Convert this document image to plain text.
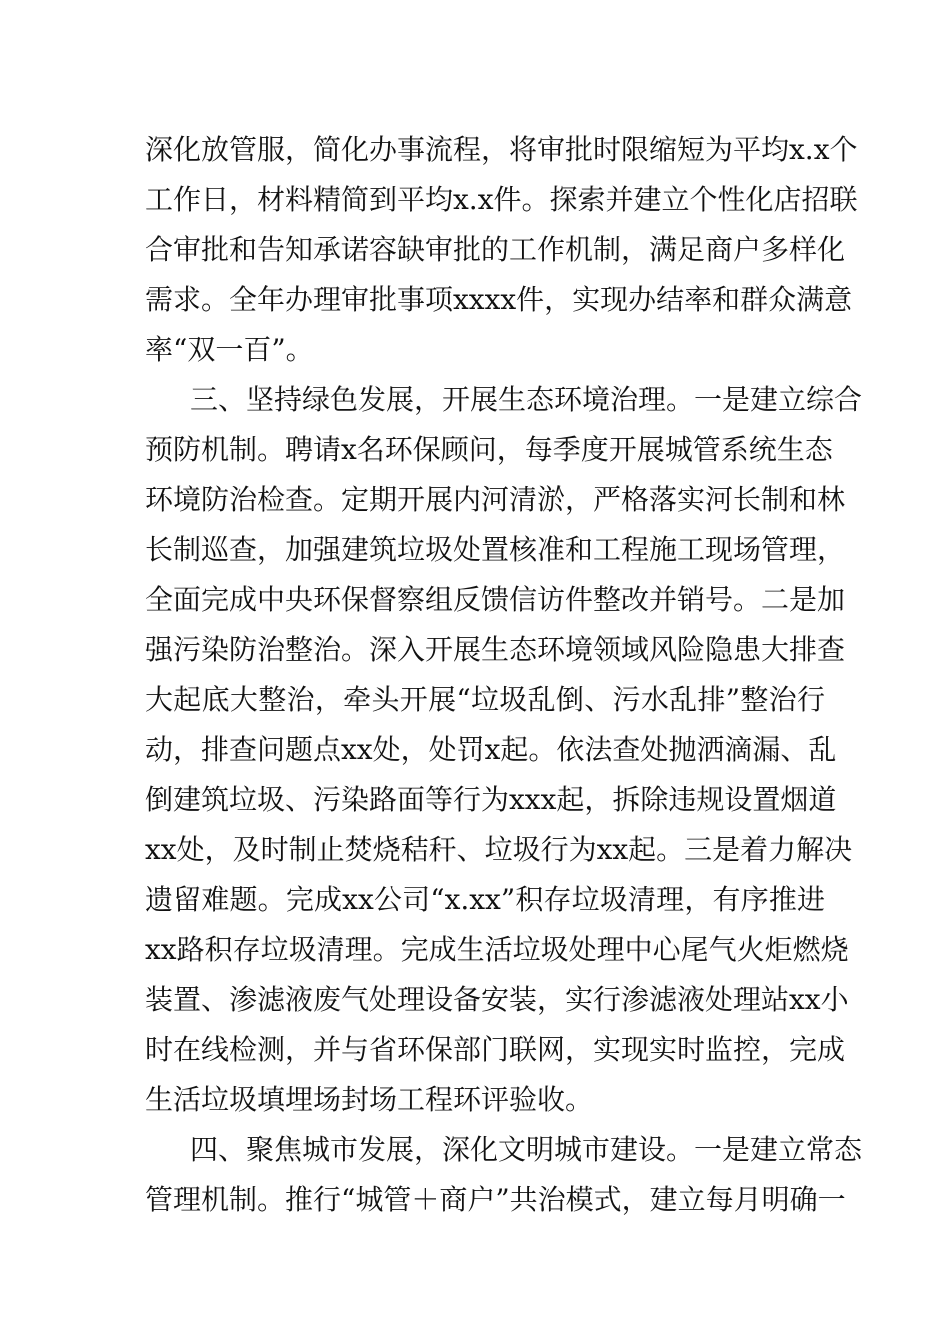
深化放管服，简化办事流程，将审批时限缩短为平均x.x个
工作日，材料精简到平均x.x件。探索并建立个性化店招联
合审批和告知承诺容缺审批的工作机制，满足商户多样化
需求。全年办理审批事项xxxx件，实现办结率和群众满意
率“双一百”。
三、坚持绿色发展，开展生态环境治理。一是建立综合
预防机制。聘请x名环保顾问，每季度开展城管系统生态
环境防治检查。定期开展内河清淤，严格落实河长制和林
长制巡查，加强建筑垃圾处置核准和工程施工现场管理，
全面完成中央环保督察组反馈信访件整改并销号。二是加
强污染防治整治。深入开展生态环境领域风险隐患大排查
大起底大整治，牵头开展“垃圾乱倒、污水乱排”整治行
动，排查问题点xx处，处罚x起。依法查处抛洒滴漏、乱
倒建筑垃圾、污染路面等行为xxx起，拆除违规设置烟道
xx处，及时制止焚烧秸秆、垃圾行为xx起。三是着力解决
遗留难题。完成xx公司“x.xx”积存垃圾清理，有序推进
xx路积存垃圾清理。完成生活垃圾处理中心尾气火炬燃烧
装置、渗滤液废气处理设备安装，实行渗滤液处理站xx小
时在线检测，并与省环保部门联网，实现实时监控，完成
生活垃圾填埋场封场工程环评验收。
四、聚焦城市发展，深化文明城市建设。一是建立常态
管理机制。推行“城管＋商户”共治模式，建立每月明确一
